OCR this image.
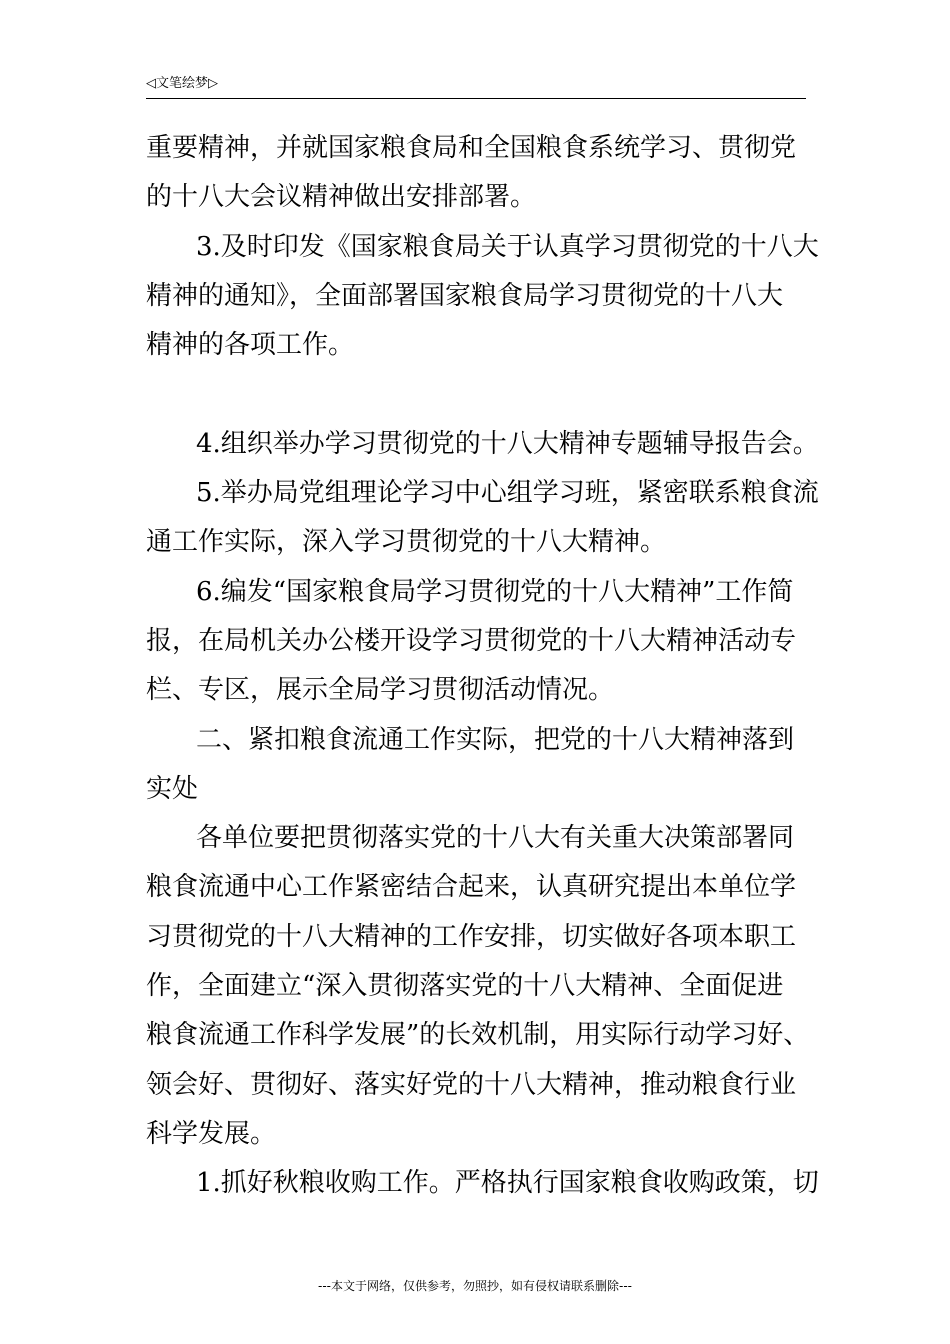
◁文笔绘梦▷
重要精神，并就国家粮食局和全国粮食系统学习、贯彻党
的十八大会议精神做出安排部署。
3.及时印发《国家粮食局关于认真学习贯彻党的十八大
精神的通知》，全面部署国家粮食局学习贯彻党的十八大
精神的各项工作。
4.组织举办学习贯彻党的十八大精神专题辅导报告会。
5.举办局党组理论学习中心组学习班，紧密联系粮食流
通工作实际，深入学习贯彻党的十八大精神。
6.编发“国家粮食局学习贯彻党的十八大精神”工作简
报，在局机关办公楼开设学习贯彻党的十八大精神活动专
栏、专区，展示全局学习贯彻活动情况。
二、紧扣粮食流通工作实际，把党的十八大精神落到
实处
各单位要把贯彻落实党的十八大有关重大决策部署同
粮食流通中心工作紧密结合起来，认真研究提出本单位学
习贯彻党的十八大精神的工作安排，切实做好各项本职工
作，全面建立“深入贯彻落实党的十八大精神、全面促进
粮食流通工作科学发展”的长效机制，用实际行动学习好、
领会好、贯彻好、落实好党的十八大精神，推动粮食行业
科学发展。
1.抓好秋粮收购工作。严格执行国家粮食收购政策，切
---本文于网络，仅供参考，勿照抄，如有侵权请联系删除---
